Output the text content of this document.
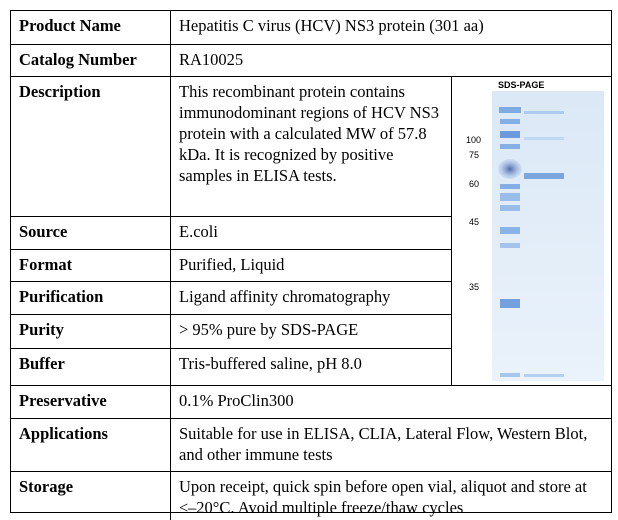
Product Name	Hepatitis C virus (HCV) NS3 protein (301 aa)
Catalog Number	RA10025
Description	This recombinant protein contains immunodominant regions of HCV NS3 protein with a calculated MW of 57.8 kDa. It is recognized by positive samples in ELISA tests.
SDS-PAGE
100
75
60
45
35
Source	E.coli
Format	Purified, Liquid
Purification	Ligand affinity chromatography
Purity	> 95% pure by SDS-PAGE
Buffer	Tris-buffered saline, pH 8.0
Preservative	0.1% ProClin300
Applications	Suitable for use in ELISA, CLIA, Lateral Flow, Western Blot, and other immune tests
Storage	Upon receipt, quick spin before open vial, aliquot and store at ≤–20°C. Avoid multiple freeze/thaw cycles
